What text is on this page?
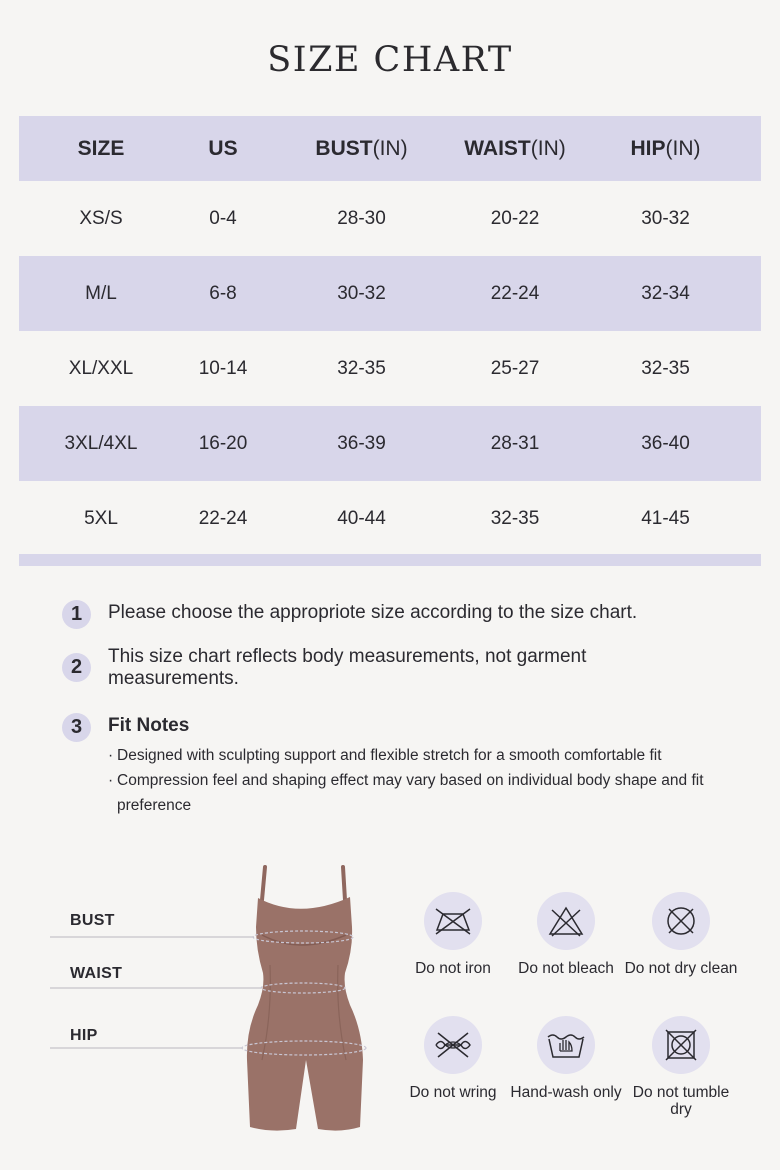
SIZE CHART
SIZE	US	BUST(IN)	WAIST(IN)	HIP(IN)
XS/S	0-4	28-30	20-22	30-32
M/L	6-8	30-32	22-24	32-34
XL/XXL	10-14	32-35	25-27	32-35
3XL/4XL	16-20	36-39	28-31	36-40
5XL	22-24	40-44	32-35	41-45
1	Please choose the appropriote size according to the size chart.
2	This size chart reflects body measurements, not garment measurements.
3	Fit Notes
· Designed with sculpting support and flexible stretch for a smooth comfortable fit
· Compression feel and shaping effect may vary based on individual body shape and fit preference
BUST
WAIST
HIP
Do not iron	Do not bleach Do not dry clean
Do not wring Hand-wash only Do not tumble dry
